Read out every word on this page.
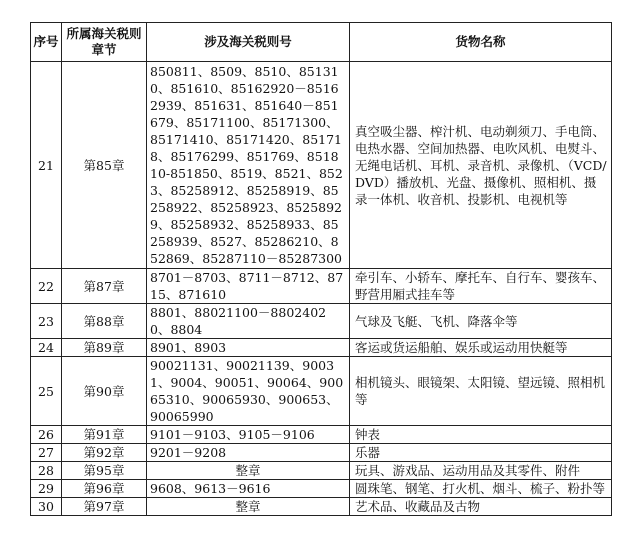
序号	所属海关税则章节	涉及海关税则号	货物名称
21	第85章	850811、8509、8510、851310、851610、85162920－85162939、851631、851640－851679、85171100、85171300、85171410、85171420、851718、85176299、851769、851810-851850、8519、8521、8523、85258912、85258919、85258922、85258923、85258929、85258932、85258933、85258939、8527、85286210、852869、85287110－85287300	真空吸尘器、榨汁机、电动剃须刀、手电筒、电热水器、空间加热器、电吹风机、电熨斗、无绳电话机、耳机、录音机、录像机、（VCD/DVD）播放机、光盘、摄像机、照相机、摄录一体机、收音机、投影机、电视机等
22	第87章	8701－8703、8711－8712、8715、871610	牵引车、小轿车、摩托车、自行车、婴孩车、野营用厢式挂车等
23	第88章	8801、88021100－88024020、8804	气球及飞艇、飞机、降落伞等
24	第89章	8901、8903	客运或货运船舶、娱乐或运动用快艇等
25	第90章	90021131、90021139、90031、9004、90051、90064、90065310、90065930、900653、90065990	相机镜头、眼镜架、太阳镜、望远镜、照相机等
26	第91章	9101－9103、9105－9106	钟表
27	第92章	9201－9208	乐器
28	第95章	整章	玩具、游戏品、运动用品及其零件、附件
29	第96章	9608、9613－9616	圆珠笔、钢笔、打火机、烟斗、梳子、粉扑等
30	第97章	整章	艺术品、收藏品及古物
